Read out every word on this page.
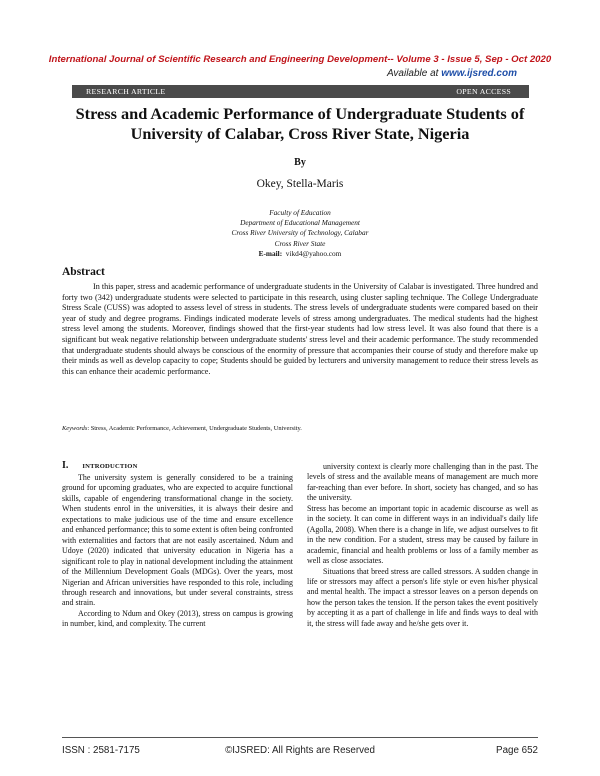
International Journal of Scientific Research and Engineering Development-- Volume 3 - Issue 5, Sep - Oct 2020
Available at www.ijsred.com
RESEARCH ARTICLE	OPEN ACCESS
Stress and Academic Performance of Undergraduate Students of University of Calabar, Cross River State, Nigeria
By
Okey, Stella-Maris
Faculty of Education
Department of Educational Management
Cross River University of Technology, Calabar
Cross River State
E-mail: vikd4@yahoo.com
Abstract
In this paper, stress and academic performance of undergraduate students in the University of Calabar is investigated. Three hundred and forty two (342) undergraduate students were selected to participate in this research, using cluster sapling technique. The College Undergraduate Stress Scale (CUSS) was adopted to assess level of stress in students. The stress levels of undergraduate students were compared based on their year of study and degree programs. Findings indicated moderate levels of stress among undergraduates. The medical students had the highest stress level among the students. Moreover, findings showed that the first-year students had low stress level. It was also found that there is a significant but weak negative relationship between undergraduate students' stress level and their academic performance. The study recommended that undergraduate students should always be conscious of the enormity of pressure that accompanies their course of study and therefore make up their minds as well as develop capacity to cope; Students should be guided by lecturers and university management to reduce their stress levels as this can enhance their academic performance.
Keywords: Stress, Academic Performance, Achievement, Undergraduate Students, University.
I. INTRODUCTION

The university system is generally considered to be a training ground for upcoming graduates, who are expected to acquire functional skills, capable of engendering transformational change in the society. When students enrol in the universities, it is always their desire and expectations to make judicious use of the time and ensure excellence and enhanced performance; this to some extent is often being confronted with externalities and factors that are not easily ascertained. Ndum and Udoye (2020) indicated that university education in Nigeria has a significant role to play in national development including the attainment of the Millennium Development Goals (MDGs). Over the years, most Nigerian and African universities have responded to this role, including through research and innovations, but under several constraints, stress and strain.

According to Ndum and Okey (2013), stress on campus is growing in number, kind, and complexity. The current

university context is clearly more challenging than in the past. The levels of stress and the available means of management are much more far-reaching than ever before. In short, society has changed, and so has the university.

Stress has become an important topic in academic discourse as well as in the society. It can come in different ways in an individual's daily life (Agolla, 2008). When there is a change in life, we adjust ourselves to fit in the new condition. For a student, stress may be caused by failure in academic, financial and health problems or loss of a family member as well as close associates.

Situations that breed stress are called stressors. A sudden change in life or stressors may affect a person's life style or even his/her physical and mental health. The impact a stressor leaves on a person depends on how the person takes the tension. If the person takes the event positively by accepting it as a part of challenge in life and finds ways to deal with it, the stress will fade away and he/she gets over it.

ISSN : 2581-7175	©IJSRED: All Rights are Reserved	Page 652
